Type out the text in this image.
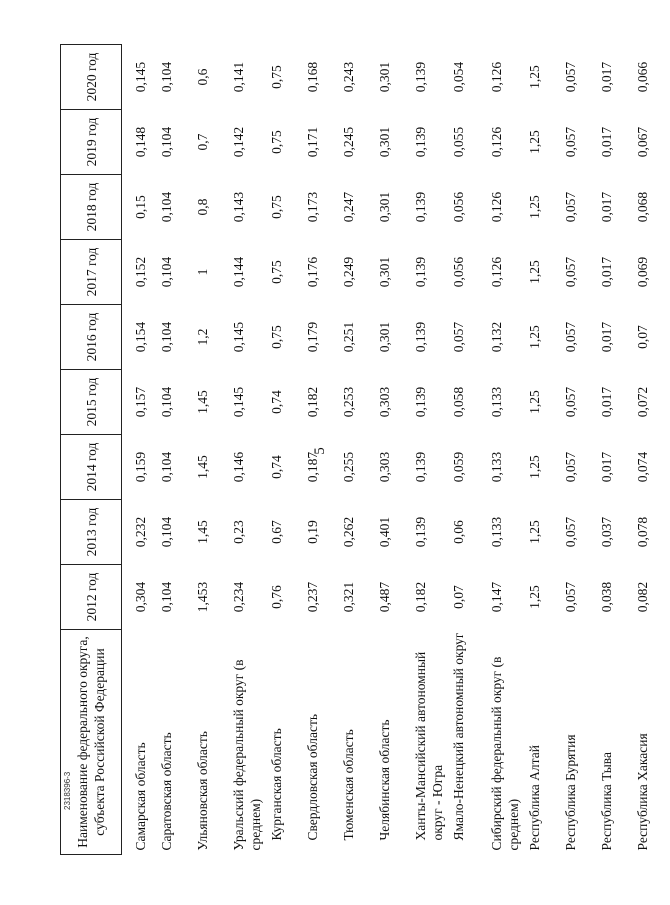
5
2318396-3 Наименование федерального округа, субъекта Российской Федерации	2012 год	2013 год	2014 год	2015 год	2016 год	2017 год	2018 год	2019 год	2020 год
Самарская область	0,304	0,232	0,159	0,157	0,154	0,152	0,15	0,148	0,145
Саратовская область	0,104	0,104	0,104	0,104	0,104	0,104	0,104	0,104	0,104
Ульяновская область	1,453	1,45	1,45	1,45	1,2	1	0,8	0,7	0,6
Уральский федеральный округ (в среднем)	0,234	0,23	0,146	0,145	0,145	0,144	0,143	0,142	0,141
Курганская область	0,76	0,67	0,74	0,74	0,75	0,75	0,75	0,75	0,75
Свердловская область	0,237	0,19	0,187	0,182	0,179	0,176	0,173	0,171	0,168
Тюменская область	0,321	0,262	0,255	0,253	0,251	0,249	0,247	0,245	0,243
Челябинская область	0,487	0,401	0,303	0,303	0,301	0,301	0,301	0,301	0,301
Ханты-Мансийский автономный округ - Югра	0,182	0,139	0,139	0,139	0,139	0,139	0,139	0,139	0,139
Ямало-Ненецкий автономный округ	0,07	0,06	0,059	0,058	0,057	0,056	0,056	0,055	0,054
Сибирский федеральный округ (в среднем)	0,147	0,133	0,133	0,133	0,132	0,126	0,126	0,126	0,126
Республика Алтай	1,25	1,25	1,25	1,25	1,25	1,25	1,25	1,25	1,25
Республика Бурятия	0,057	0,057	0,057	0,057	0,057	0,057	0,057	0,057	0,057
Республика Тыва	0,038	0,037	0,017	0,017	0,017	0,017	0,017	0,017	0,017
Республика Хакасия	0,082	0,078	0,074	0,072	0,07	0,069	0,068	0,067	0,066
